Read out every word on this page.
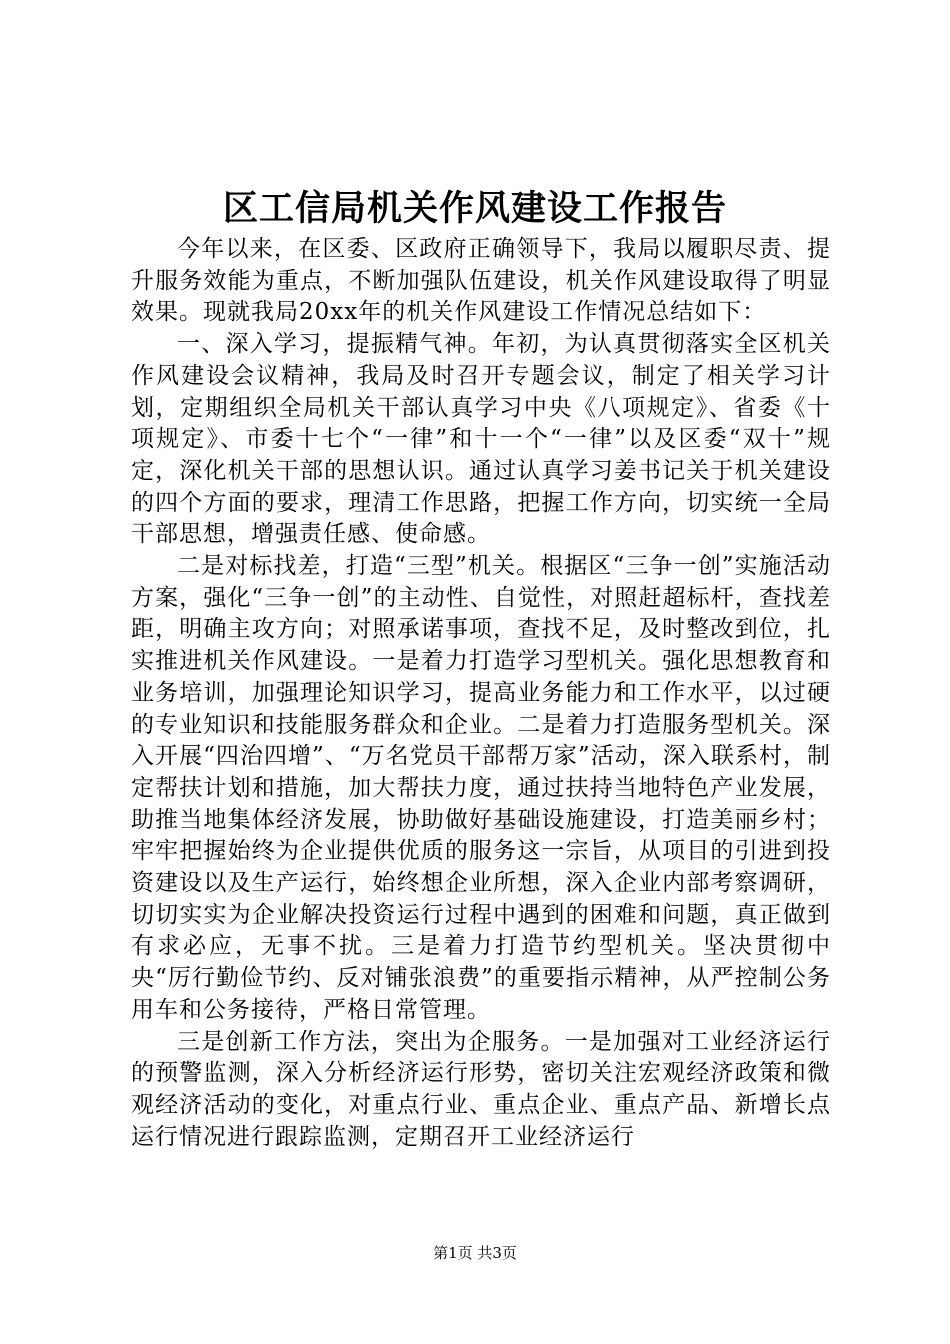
区工信局机关作风建设工作报告

今年以来，在区委、区政府正确领导下，我局以履职尽责、提升服务效能为重点，不断加强队伍建设，机关作风建设取得了明显效果。现就我局20xx年的机关作风建设工作情况总结如下：

一、深入学习，提振精气神。年初，为认真贯彻落实全区机关作风建设会议精神，我局及时召开专题会议，制定了相关学习计划，定期组织全局机关干部认真学习中央《八项规定》、省委《十项规定》、市委十七个“一律”和十一个“一律”以及区委“双十”规定，深化机关干部的思想认识。通过认真学习姜书记关于机关建设的四个方面的要求，理清工作思路，把握工作方向，切实统一全局干部思想，增强责任感、使命感。

二是对标找差，打造“三型”机关。根据区“三争一创”实施活动方案，强化“三争一创”的主动性、自觉性，对照赶超标杆，查找差距，明确主攻方向；对照承诺事项，查找不足，及时整改到位，扎实推进机关作风建设。一是着力打造学习型机关。强化思想教育和业务培训，加强理论知识学习，提高业务能力和工作水平，以过硬的专业知识和技能服务群众和企业。二是着力打造服务型机关。深入开展“四治四增”、“万名党员干部帮万家”活动，深入联系村，制定帮扶计划和措施，加大帮扶力度，通过扶持当地特色产业发展，助推当地集体经济发展，协助做好基础设施建设，打造美丽乡村；牢牢把握始终为企业提供优质的服务这一宗旨，从项目的引进到投资建设以及生产运行，始终想企业所想，深入企业内部考察调研，切切实实为企业解决投资运行过程中遇到的困难和问题，真正做到有求必应，无事不扰。三是着力打造节约型机关。坚决贯彻中央“厉行勤俭节约、反对铺张浪费”的重要指示精神，从严控制公务用车和公务接待，严格日常管理。

三是创新工作方法，突出为企服务。一是加强对工业经济运行的预警监测，深入分析经济运行形势，密切关注宏观经济政策和微观经济活动的变化，对重点行业、重点企业、重点产品、新增长点运行情况进行跟踪监测，定期召开工业经济运行

第1页 共3页
